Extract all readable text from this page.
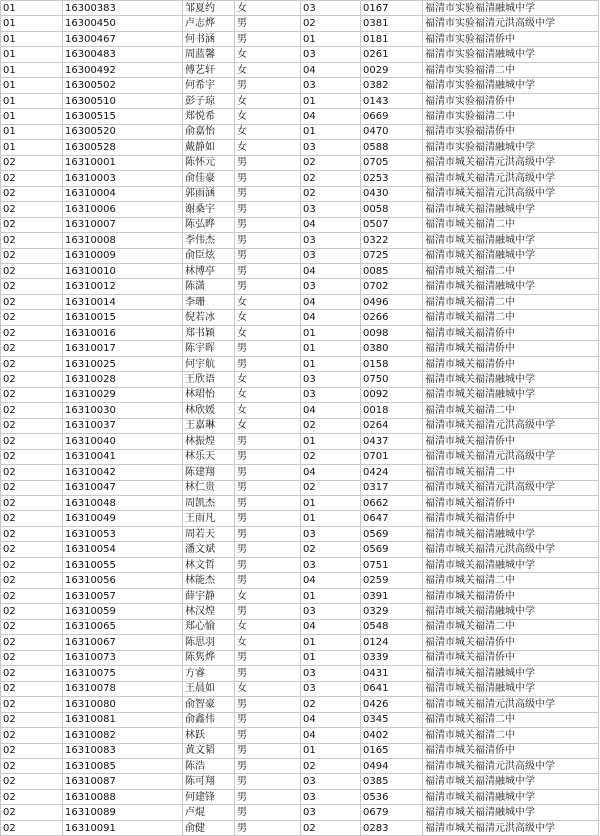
01	16300383	邹夏约	女	03	0167	福清市实验福清融城中学
01	16300450	卢志烨	男	02	0381	福清市实验福清元洪高级中学
01	16300467	何书涵	男	01	0181	福清市实验福清侨中
01	16300483	周蓝馨	女	03	0261	福清市实验福清融城中学
01	16300492	傅艺轩	女	04	0029	福清市实验福清二中
01	16300502	何希宇	男	03	0382	福清市实验福清融城中学
01	16300510	彭子琼	女	01	0143	福清市实验福清侨中
01	16300515	郑悦希	女	04	0669	福清市实验福清二中
01	16300520	俞嘉怡	女	01	0470	福清市实验福清侨中
01	16300528	戴静如	女	03	0588	福清市实验福清融城中学
02	16310001	陈怀元	男	02	0705	福清市城关福清元洪高级中学
02	16310003	俞佳豪	男	02	0253	福清市城关福清元洪高级中学
02	16310004	郭雨涵	男	02	0430	福清市城关福清元洪高级中学
02	16310006	谢桑宇	男	03	0058	福清市城关福清融城中学
02	16310007	陈弘晔	男	04	0507	福清市城关福清二中
02	16310008	李伟杰	男	03	0322	福清市城关福清融城中学
02	16310009	俞臣炫	男	03	0725	福清市城关福清融城中学
02	16310010	林博亭	男	04	0085	福清市城关福清二中
02	16310012	陈潇	男	03	0702	福清市城关福清融城中学
02	16310014	李珊	女	04	0496	福清市城关福清二中
02	16310015	倪若冰	女	04	0266	福清市城关福清二中
02	16310016	郑书颖	女	01	0098	福清市城关福清侨中
02	16310017	陈宇晖	男	01	0380	福清市城关福清侨中
02	16310025	何宇航	男	01	0158	福清市城关福清侨中
02	16310028	王欣语	女	03	0750	福清市城关福清融城中学
02	16310029	林珺怡	女	03	0092	福清市城关福清融城中学
02	16310030	林欣媛	女	04	0018	福清市城关福清二中
02	16310037	王嘉琳	女	02	0264	福清市城关福清元洪高级中学
02	16310040	林振煌	男	01	0437	福清市城关福清侨中
02	16310041	林乐天	男	02	0701	福清市城关福清元洪高级中学
02	16310042	陈建翔	男	04	0424	福清市城关福清二中
02	16310047	林仁贵	男	02	0317	福清市城关福清元洪高级中学
02	16310048	周凯杰	男	01	0662	福清市城关福清侨中
02	16310049	王雨凡	男	01	0647	福清市城关福清侨中
02	16310053	周若天	男	03	0569	福清市城关福清融城中学
02	16310054	潘文斌	男	02	0569	福清市城关福清元洪高级中学
02	16310055	林文哲	男	03	0751	福清市城关福清融城中学
02	16310056	林能杰	男	04	0259	福清市城关福清二中
02	16310057	薛宇静	女	01	0391	福清市城关福清侨中
02	16310059	林汉煌	男	03	0329	福清市城关福清融城中学
02	16310065	郑心愉	女	04	0548	福清市城关福清二中
02	16310067	陈思羽	女	01	0124	福清市城关福清侨中
02	16310073	陈隽烨	男	01	0339	福清市城关福清侨中
02	16310075	方睿	男	03	0431	福清市城关福清融城中学
02	16310078	王晨如	女	03	0641	福清市城关福清融城中学
02	16310080	俞智豪	男	02	0426	福清市城关福清元洪高级中学
02	16310081	俞鑫伟	男	04	0345	福清市城关福清二中
02	16310082	林跃	男	04	0402	福清市城关福清二中
02	16310083	黄文韬	男	01	0165	福清市城关福清侨中
02	16310085	陈浩	男	02	0494	福清市城关福清元洪高级中学
02	16310087	陈可翔	男	03	0385	福清市城关福清融城中学
02	16310088	何建锋	男	03	0536	福清市城关福清融城中学
02	16310089	卢焜	男	03	0679	福清市城关福清融城中学
02	16310091	俞健	男	02	0283	福清市城关福清元洪高级中学
